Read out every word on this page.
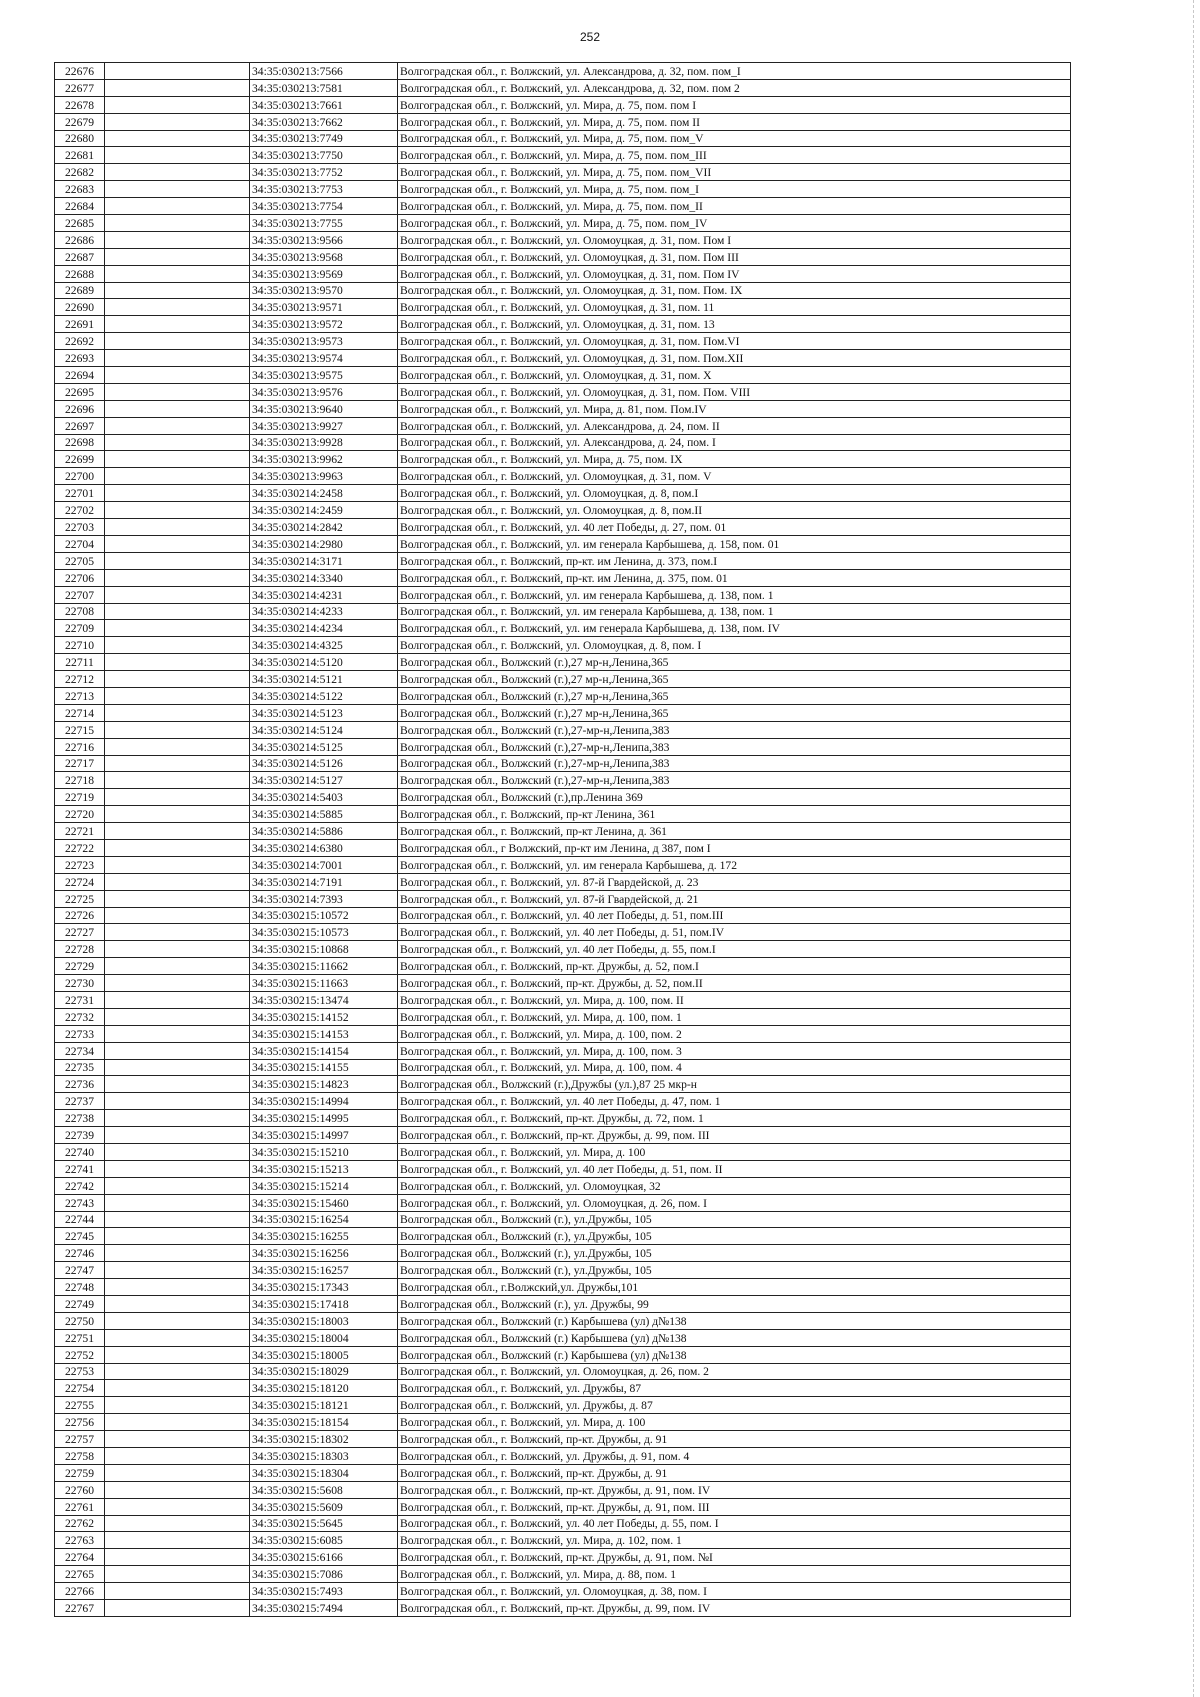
252
22676		34:35:030213:7566	Волгоградская обл., г. Волжский, ул. Александрова, д. 32, пом. пом_I
22677		34:35:030213:7581	Волгоградская обл., г. Волжский, ул. Александрова, д. 32, пом. пом 2
22678		34:35:030213:7661	Волгоградская обл., г. Волжский, ул. Мира, д. 75, пом. пом I
22679		34:35:030213:7662	Волгоградская обл., г. Волжский, ул. Мира, д. 75, пом. пом II
22680		34:35:030213:7749	Волгоградская обл., г. Волжский, ул. Мира, д. 75, пом. пом_V
22681		34:35:030213:7750	Волгоградская обл., г. Волжский, ул. Мира, д. 75, пом. пом_III
22682		34:35:030213:7752	Волгоградская обл., г. Волжский, ул. Мира, д. 75, пом. пом_VII
22683		34:35:030213:7753	Волгоградская обл., г. Волжский, ул. Мира, д. 75, пом. пом_I
22684		34:35:030213:7754	Волгоградская обл., г. Волжский, ул. Мира, д. 75, пом. пом_II
22685		34:35:030213:7755	Волгоградская обл., г. Волжский, ул. Мира, д. 75, пом. пом_IV
22686		34:35:030213:9566	Волгоградская обл., г. Волжский, ул. Оломоуцкая, д. 31, пом. Пом I
22687		34:35:030213:9568	Волгоградская обл., г. Волжский, ул. Оломоуцкая, д. 31, пом. Пом III
22688		34:35:030213:9569	Волгоградская обл., г. Волжский, ул. Оломоуцкая, д. 31, пом. Пом IV
22689		34:35:030213:9570	Волгоградская обл., г. Волжский, ул. Оломоуцкая, д. 31, пом. Пом. IX
22690		34:35:030213:9571	Волгоградская обл., г. Волжский, ул. Оломоуцкая, д. 31, пом. 11
22691		34:35:030213:9572	Волгоградская обл., г. Волжский, ул. Оломоуцкая, д. 31, пом. 13
22692		34:35:030213:9573	Волгоградская обл., г. Волжский, ул. Оломоуцкая, д. 31, пом. Пом.VI
22693		34:35:030213:9574	Волгоградская обл., г. Волжский, ул. Оломоуцкая, д. 31, пом. Пом.XII
22694		34:35:030213:9575	Волгоградская обл., г. Волжский, ул. Оломоуцкая, д. 31, пом. X
22695		34:35:030213:9576	Волгоградская обл., г. Волжский, ул. Оломоуцкая, д. 31, пом. Пом. VIII
22696		34:35:030213:9640	Волгоградская обл., г. Волжский, ул. Мира, д. 81, пом. Пом.IV
22697		34:35:030213:9927	Волгоградская обл., г. Волжский, ул. Александрова, д. 24, пом. II
22698		34:35:030213:9928	Волгоградская обл., г. Волжский, ул. Александрова, д. 24, пом. I
22699		34:35:030213:9962	Волгоградская обл., г. Волжский, ул. Мира, д. 75, пом. IX
22700		34:35:030213:9963	Волгоградская обл., г. Волжский, ул. Оломоуцкая, д. 31, пом. V
22701		34:35:030214:2458	Волгоградская обл., г. Волжский, ул. Оломоуцкая, д. 8, пом.I
22702		34:35:030214:2459	Волгоградская обл., г. Волжский, ул. Оломоуцкая, д. 8, пом.II
22703		34:35:030214:2842	Волгоградская обл., г. Волжский, ул. 40 лет Победы, д. 27, пом. 01
22704		34:35:030214:2980	Волгоградская обл., г. Волжский, ул. им генерала Карбышева, д. 158, пом. 01
22705		34:35:030214:3171	Волгоградская обл., г. Волжский, пр-кт. им Ленина, д. 373, пом.I
22706		34:35:030214:3340	Волгоградская обл., г. Волжский, пр-кт. им Ленина, д. 375, пом. 01
22707		34:35:030214:4231	Волгоградская обл., г. Волжский, ул. им генерала Карбышева, д. 138, пом. 1
22708		34:35:030214:4233	Волгоградская обл., г. Волжский, ул. им генерала Карбышева, д. 138, пом. 1
22709		34:35:030214:4234	Волгоградская обл., г. Волжский, ул. им генерала Карбышева, д. 138, пом. IV
22710		34:35:030214:4325	Волгоградская обл., г. Волжский, ул. Оломоуцкая, д. 8, пом. I
22711		34:35:030214:5120	Волгоградская обл., Волжский (г.),27 мр-н,Ленина,365
22712		34:35:030214:5121	Волгоградская обл., Волжский (г.),27 мр-н,Ленина,365
22713		34:35:030214:5122	Волгоградская обл., Волжский (г.),27 мр-н,Ленина,365
22714		34:35:030214:5123	Волгоградская обл., Волжский (г.),27 мр-н,Ленина,365
22715		34:35:030214:5124	Волгоградская обл., Волжский (г.),27-мр-н,Ленипа,383
22716		34:35:030214:5125	Волгоградская обл., Волжский (г.),27-мр-н,Ленипа,383
22717		34:35:030214:5126	Волгоградская обл., Волжский (г.),27-мр-н,Ленипа,383
22718		34:35:030214:5127	Волгоградская обл., Волжский (г.),27-мр-н,Ленипа,383
22719		34:35:030214:5403	Волгоградская обл., Волжский (г.),пр.Ленина 369
22720		34:35:030214:5885	Волгоградская обл., г. Волжский, пр-кт Ленина, 361
22721		34:35:030214:5886	Волгоградская обл., г. Волжский, пр-кт Ленина, д. 361
22722		34:35:030214:6380	Волгоградская обл., г Волжский, пр-кт им Ленина, д 387, пом I
22723		34:35:030214:7001	Волгоградская обл., г. Волжский, ул. им генерала Карбышева, д. 172
22724		34:35:030214:7191	Волгоградская обл., г. Волжский, ул. 87-й Гвардейской, д. 23
22725		34:35:030214:7393	Волгоградская обл., г. Волжский, ул. 87-й Гвардейской, д. 21
22726		34:35:030215:10572	Волгоградская обл., г. Волжский, ул. 40 лет Победы, д. 51, пом.III
22727		34:35:030215:10573	Волгоградская обл., г. Волжский, ул. 40 лет Победы, д. 51, пом.IV
22728		34:35:030215:10868	Волгоградская обл., г. Волжский, ул. 40 лет Победы, д. 55, пом.I
22729		34:35:030215:11662	Волгоградская обл., г. Волжский, пр-кт. Дружбы, д. 52, пом.I
22730		34:35:030215:11663	Волгоградская обл., г. Волжский, пр-кт. Дружбы, д. 52, пом.II
22731		34:35:030215:13474	Волгоградская обл., г. Волжский, ул. Мира, д. 100, пом. II
22732		34:35:030215:14152	Волгоградская обл., г. Волжский, ул. Мира, д. 100, пом. 1
22733		34:35:030215:14153	Волгоградская обл., г. Волжский, ул. Мира, д. 100, пом. 2
22734		34:35:030215:14154	Волгоградская обл., г. Волжский, ул. Мира, д. 100, пом. 3
22735		34:35:030215:14155	Волгоградская обл., г. Волжский, ул. Мира, д. 100, пом. 4
22736		34:35:030215:14823	Волгоградская обл., Волжский (г.),Дружбы (ул.),87 25 мкр-н
22737		34:35:030215:14994	Волгоградская обл., г. Волжский, ул. 40 лет Победы, д. 47, пом. 1
22738		34:35:030215:14995	Волгоградская обл., г. Волжский, пр-кт. Дружбы, д. 72, пом. 1
22739		34:35:030215:14997	Волгоградская обл., г. Волжский, пр-кт. Дружбы, д. 99, пом. III
22740		34:35:030215:15210	Волгоградская обл., г. Волжский, ул. Мира, д. 100
22741		34:35:030215:15213	Волгоградская обл., г. Волжский, ул. 40 лет Победы, д. 51, пом. II
22742		34:35:030215:15214	Волгоградская обл., г. Волжский, ул. Оломоуцкая, 32
22743		34:35:030215:15460	Волгоградская обл., г. Волжский, ул. Оломоуцкая, д. 26, пом. I
22744		34:35:030215:16254	Волгоградская обл., Волжский (г.), ул.Дружбы, 105
22745		34:35:030215:16255	Волгоградская обл., Волжский (г.), ул.Дружбы, 105
22746		34:35:030215:16256	Волгоградская обл., Волжский (г.), ул.Дружбы, 105
22747		34:35:030215:16257	Волгоградская обл., Волжский (г.), ул.Дружбы, 105
22748		34:35:030215:17343	Волгоградская обл., г.Волжский,ул. Дружбы,101
22749		34:35:030215:17418	Волгоградская обл., Волжский (г.), ул. Дружбы, 99
22750		34:35:030215:18003	Волгоградская обл., Волжский (г.) Карбышева (ул) д№138
22751		34:35:030215:18004	Волгоградская обл., Волжский (г.) Карбышева (ул) д№138
22752		34:35:030215:18005	Волгоградская обл., Волжский (г.) Карбышева (ул) д№138
22753		34:35:030215:18029	Волгоградская обл., г. Волжский, ул. Оломоуцкая, д. 26, пом. 2
22754		34:35:030215:18120	Волгоградская обл., г. Волжский, ул. Дружбы, 87
22755		34:35:030215:18121	Волгоградская обл., г. Волжский, ул. Дружбы, д. 87
22756		34:35:030215:18154	Волгоградская обл., г. Волжский, ул. Мира, д. 100
22757		34:35:030215:18302	Волгоградская обл., г. Волжский, пр-кт. Дружбы, д. 91
22758		34:35:030215:18303	Волгоградская обл., г. Волжский, ул. Дружбы, д. 91, пом. 4
22759		34:35:030215:18304	Волгоградская обл., г. Волжский, пр-кт. Дружбы, д. 91
22760		34:35:030215:5608	Волгоградская обл., г. Волжский, пр-кт. Дружбы, д. 91, пом. IV
22761		34:35:030215:5609	Волгоградская обл., г. Волжский, пр-кт. Дружбы, д. 91, пом. III
22762		34:35:030215:5645	Волгоградская обл., г. Волжский, ул. 40 лет Победы, д. 55, пом. I
22763		34:35:030215:6085	Волгоградская обл., г. Волжский, ул. Мира, д. 102, пом. 1
22764		34:35:030215:6166	Волгоградская обл., г. Волжский, пр-кт. Дружбы, д. 91, пом. №I
22765		34:35:030215:7086	Волгоградская обл., г. Волжский, ул. Мира, д. 88, пом. 1
22766		34:35:030215:7493	Волгоградская обл., г. Волжский, ул. Оломоуцкая, д. 38, пом. I
22767		34:35:030215:7494	Волгоградская обл., г. Волжский, пр-кт. Дружбы, д. 99, пом. IV
